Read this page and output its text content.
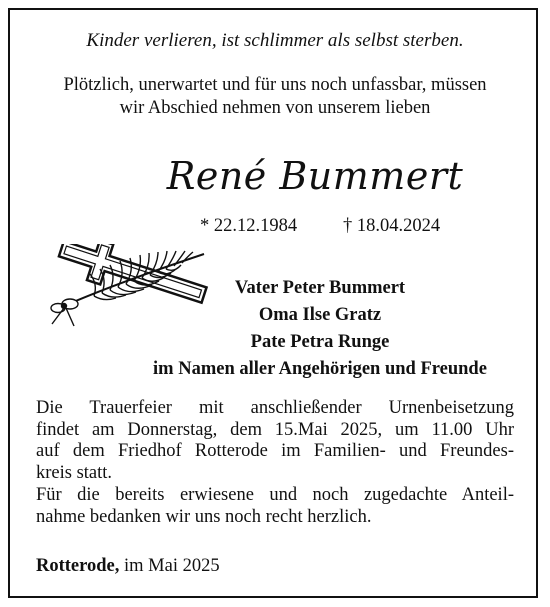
Kinder verlieren, ist schlimmer als selbst sterben.
Plötzlich, unerwartet und für uns noch unfassbar, müssen
wir Abschied nehmen von unserem lieben
René Bummert
* 22.12.1984 † 18.04.2024
Vater Peter Bummert
Oma Ilse Gratz
Pate Petra Runge
im Namen aller Angehörigen und Freunde
Die Trauerfeier mit anschließender Urnenbeisetzung
findet am Donnerstag, dem 15.Mai 2025, um 11.00 Uhr
auf dem Friedhof Rotterode im Familien- und Freundes-
kreis statt.
Für die bereits erwiesene und noch zugedachte Anteil-
nahme bedanken wir uns noch recht herzlich.
Rotterode, im Mai 2025
